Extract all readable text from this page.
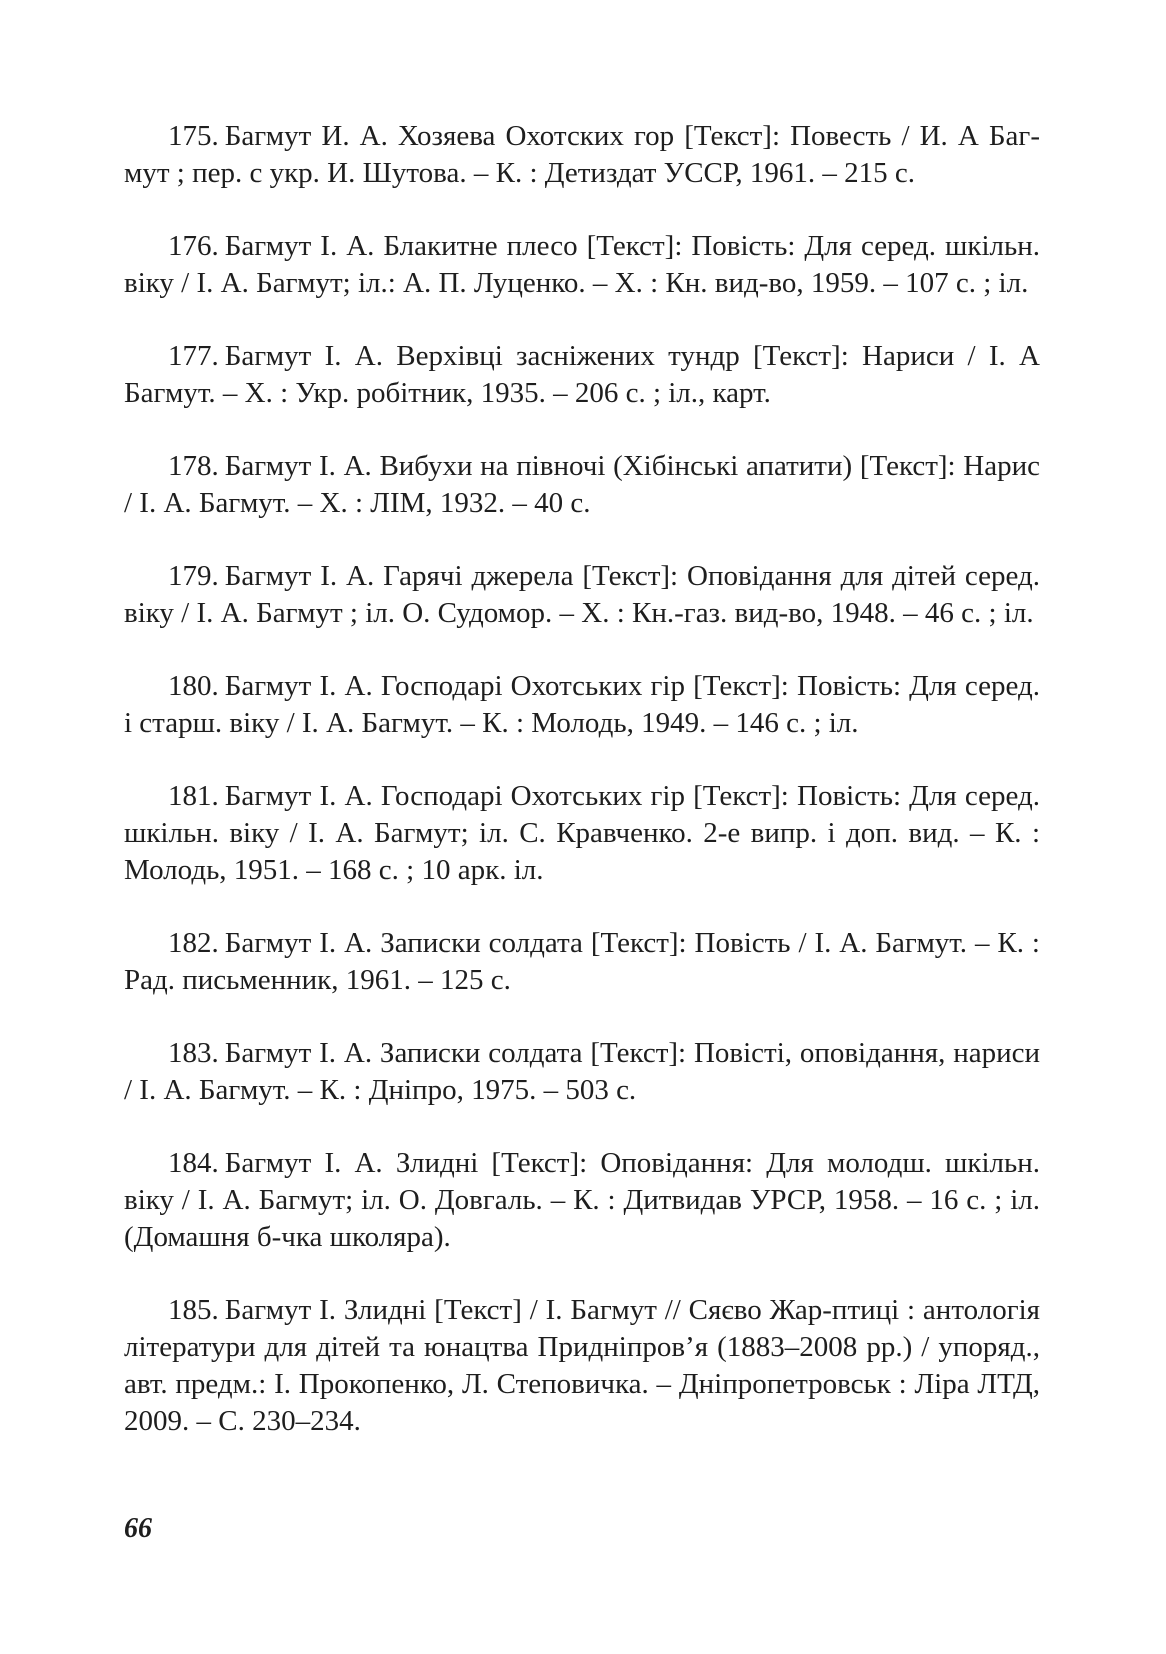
175. Багмут И. А. Хозяева Охотских гор [Текст]: Повесть / И. А Багмут ; пер. с укр. И. Шутова. – К. : Детиздат УССР, 1961. – 215 с.

176. Багмут І. А. Блакитне плесо [Текст]: Повість: Для серед. шкільн. віку / І. А. Багмут; іл.: А. П. Луценко. – Х. : Кн. вид-во, 1959. – 107 с. ; іл.

177. Багмут І. А. Верхівці засніжених тундр [Текст]: Нариси / І. А Багмут. – Х. : Укр. робітник, 1935. – 206 с. ; іл., карт.

178. Багмут І. А. Вибухи на півночі (Хібінські апатити) [Текст]: Нарис / І. А. Багмут. – Х. : ЛІМ, 1932. – 40 с.

179. Багмут І. А. Гарячі джерела [Текст]: Оповідання для дітей серед. віку / І. А. Багмут ; іл. О. Судомор. – Х. : Кн.-газ. вид-во, 1948. – 46 с. ; іл.

180. Багмут І. А. Господарі Охотських гір [Текст]: Повість: Для серед. і старш. віку / І. А. Багмут. – К. : Молодь, 1949. – 146 с. ; іл.

181. Багмут І. А. Господарі Охотських гір [Текст]: Повість: Для серед. шкільн. віку / І. А. Багмут; іл. С. Кравченко. 2-е випр. і доп. вид. – К. : Молодь, 1951. – 168 с. ; 10 арк. іл.

182. Багмут І. А. Записки солдата [Текст]: Повість / І. А. Багмут. – К. : Рад. письменник, 1961. – 125 с.

183. Багмут І. А. Записки солдата [Текст]: Повісті, оповідання, нариси / І. А. Багмут. – К. : Дніпро, 1975. – 503 с.

184. Багмут І. А. Злидні [Текст]: Оповідання: Для молодш. шкільн. віку / І. А. Багмут; іл. О. Довгаль. – К. : Дитвидав УРСР, 1958. – 16 с. ; іл. (Домашня б-чка школяра).

185. Багмут І. Злидні [Текст] / І. Багмут // Сяєво Жар-птиці : антологія літератури для дітей та юнацтва Придніпров’я (1883–2008 рр.) / упоряд., авт. предм.: І. Прокопенко, Л. Степовичка. – Дніпропетровськ : Ліра ЛТД, 2009. – С. 230–234.

66
